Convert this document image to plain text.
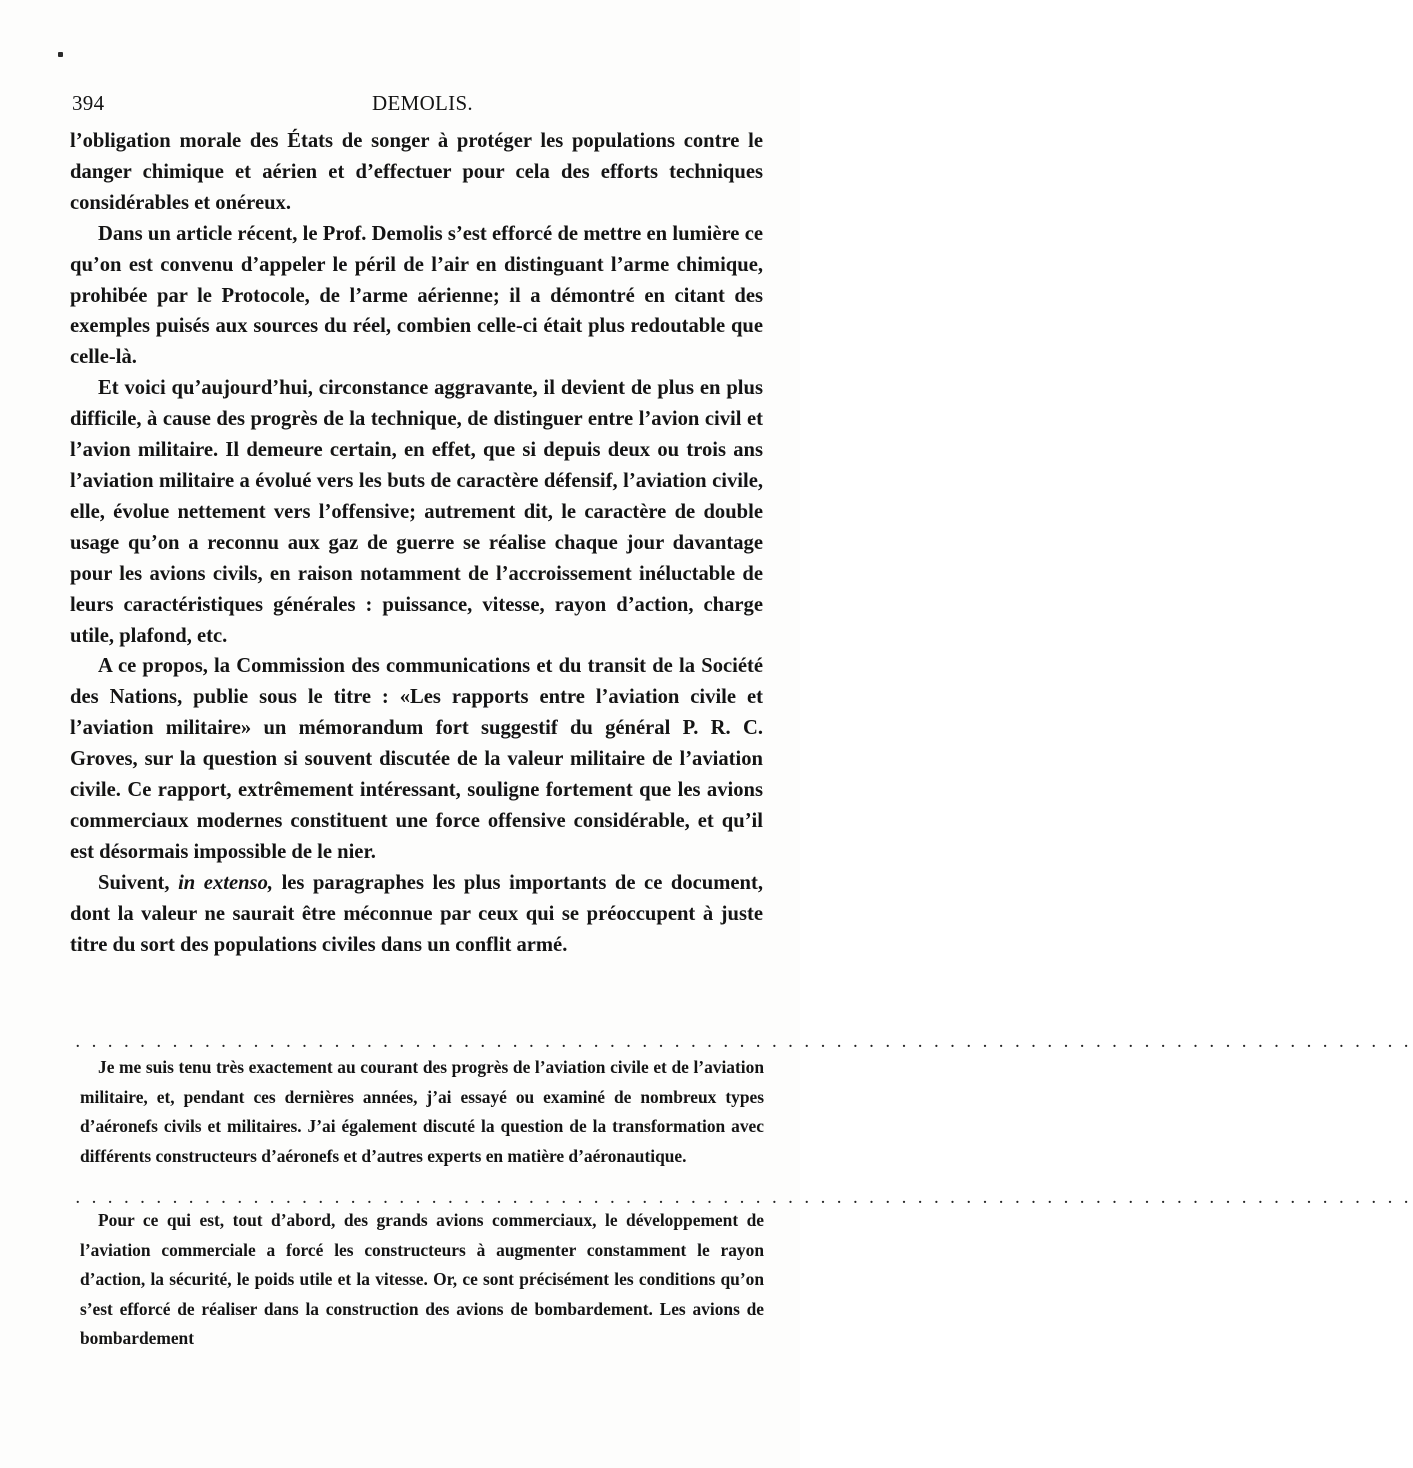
394	DEMOLIS.

l’obligation morale des États de songer à protéger les populations contre le danger chimique et aérien et d’effectuer pour cela des efforts techniques considérables et onéreux.

Dans un article récent, le Prof. Demolis s’est efforcé de mettre en lumière ce qu’on est convenu d’appeler le péril de l’air en distinguant l’arme chimique, prohibée par le Protocole, de l’arme aérienne; il a démontré en citant des exemples puisés aux sources du réel, combien celle-ci était plus redoutable que celle-là.

Et voici qu’aujourd’hui, circonstance aggravante, il devient de plus en plus difficile, à cause des progrès de la technique, de distinguer entre l’avion civil et l’avion militaire. Il demeure certain, en effet, que si depuis deux ou trois ans l’aviation militaire a évolué vers les buts de caractère défensif, l’aviation civile, elle, évolue nettement vers l’offensive; autrement dit, le caractère de double usage qu’on a reconnu aux gaz de guerre se réalise chaque jour davantage pour les avions civils, en raison notamment de l’accroissement inéluctable de leurs caractéristiques générales : puissance, vitesse, rayon d’action, charge utile, plafond, etc.

A ce propos, la Commission des communications et du transit de la Société des Nations, publie sous le titre : «Les rapports entre l’aviation civile et l’aviation militaire» un mémorandum fort suggestif du général P. R. C. Groves, sur la question si souvent discutée de la valeur militaire de l’aviation civile. Ce rapport, extrêmement intéressant, souligne fortement que les avions commerciaux modernes constituent une force offensive considérable, et qu’il est désormais impossible de le nier.

Suivent, in extenso, les paragraphes les plus importants de ce document, dont la valeur ne saurait être méconnue par ceux qui se préoccupent à juste titre du sort des populations civiles dans un conflit armé.

. . . . . . . . . . . . . . . . . . . . . . . . . . . . . . . . . . . . . . . . . . . . . . . . . . . . . . . . . . . . . . . . . . . . . . . . . . . . . . . . . . .

Je me suis tenu très exactement au courant des progrès de l’aviation civile et de l’aviation militaire, et, pendant ces dernières années, j’ai essayé ou examiné de nombreux types d’aéronefs civils et militaires. J’ai également discuté la question de la transformation avec différents constructeurs d’aéronefs et d’autres experts en matière d’aéronautique.

. . . . . . . . . . . . . . . . . . . . . . . . . . . . . . . . . . . . . . . . . . . . . . . . . . . . . . . . . . . . . . . . . . . . . . . . . . . . . . . . . . .

Pour ce qui est, tout d’abord, des grands avions commerciaux, le développement de l’aviation commerciale a forcé les constructeurs à augmenter constamment le rayon d’action, la sécurité, le poids utile et la vitesse. Or, ce sont précisément les conditions qu’on s’est efforcé de réaliser dans la construction des avions de bombardement. Les avions de bombardement
